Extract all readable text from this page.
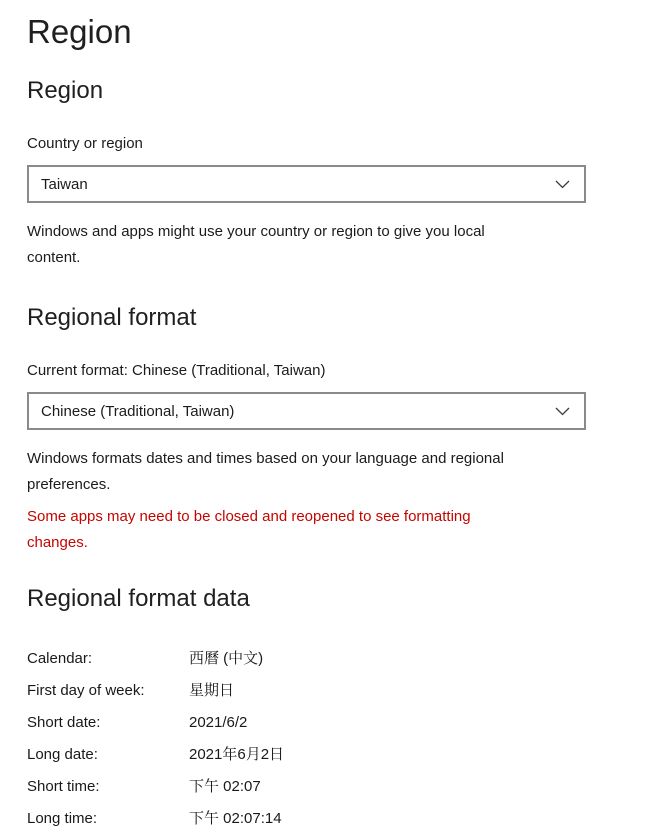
Region
Region
Country or region
Taiwan
Windows and apps might use your country or region to give you local
content.
Regional format
Current format: Chinese (Traditional, Taiwan)
Chinese (Traditional, Taiwan)
Windows formats dates and times based on your language and regional
preferences.
Some apps may need to be closed and reopened to see formatting
changes.
Regional format data
Calendar:	西曆 (中文)
First day of week:	星期日
Short date:	2021/6/2
Long date:	2021年6月2日
Short time:	下午 02:07
Long time:	下午 02:07:14
